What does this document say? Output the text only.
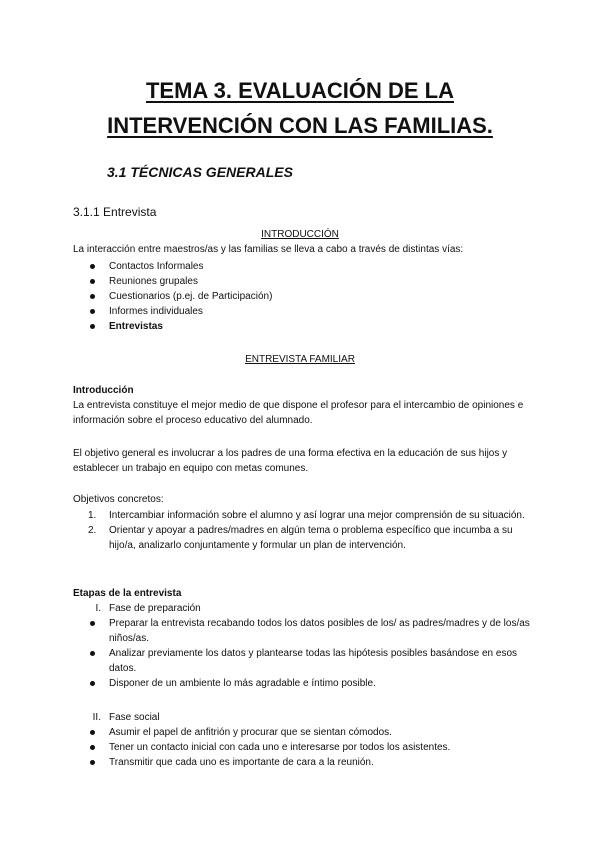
TEMA 3. EVALUACIÓN DE LA
INTERVENCIÓN CON LAS FAMILIAS.
3.1 TÉCNICAS GENERALES
3.1.1 Entrevista
INTRODUCCIÓN
La interacción entre maestros/as y las familias se lleva a cabo a través de distintas vías:
Contactos Informales
Reuniones grupales
Cuestionarios (p.ej. de Participación)
Informes individuales
Entrevistas
ENTREVISTA FAMILIAR
Introducción
La entrevista constituye el mejor medio de que dispone el profesor para el intercambio de opiniones e información sobre el proceso educativo del alumnado.
El objetivo general es involucrar a los padres de una forma efectiva en la educación de sus hijos y establecer un trabajo en equipo con metas comunes.
Objetivos concretos:
1. Intercambiar información sobre el alumno y así lograr una mejor comprensión de su situación.
2. Orientar y apoyar a padres/madres en algún tema o problema específico que incumba a su hijo/a, analizarlo conjuntamente y formular un plan de intervención.
Etapas de la entrevista
I. Fase de preparación
Preparar la entrevista recabando todos los datos posibles de los/ as padres/madres y de los/as niños/as.
Analizar previamente los datos y plantearse todas las hipótesis posibles basándose en esos datos.
Disponer de un ambiente lo más agradable e íntimo posible.
II. Fase social
Asumir el papel de anfitrión y procurar que se sientan cómodos.
Tener un contacto inicial con cada uno e interesarse por todos los asistentes.
Transmitir que cada uno es importante de cara a la reunión.
